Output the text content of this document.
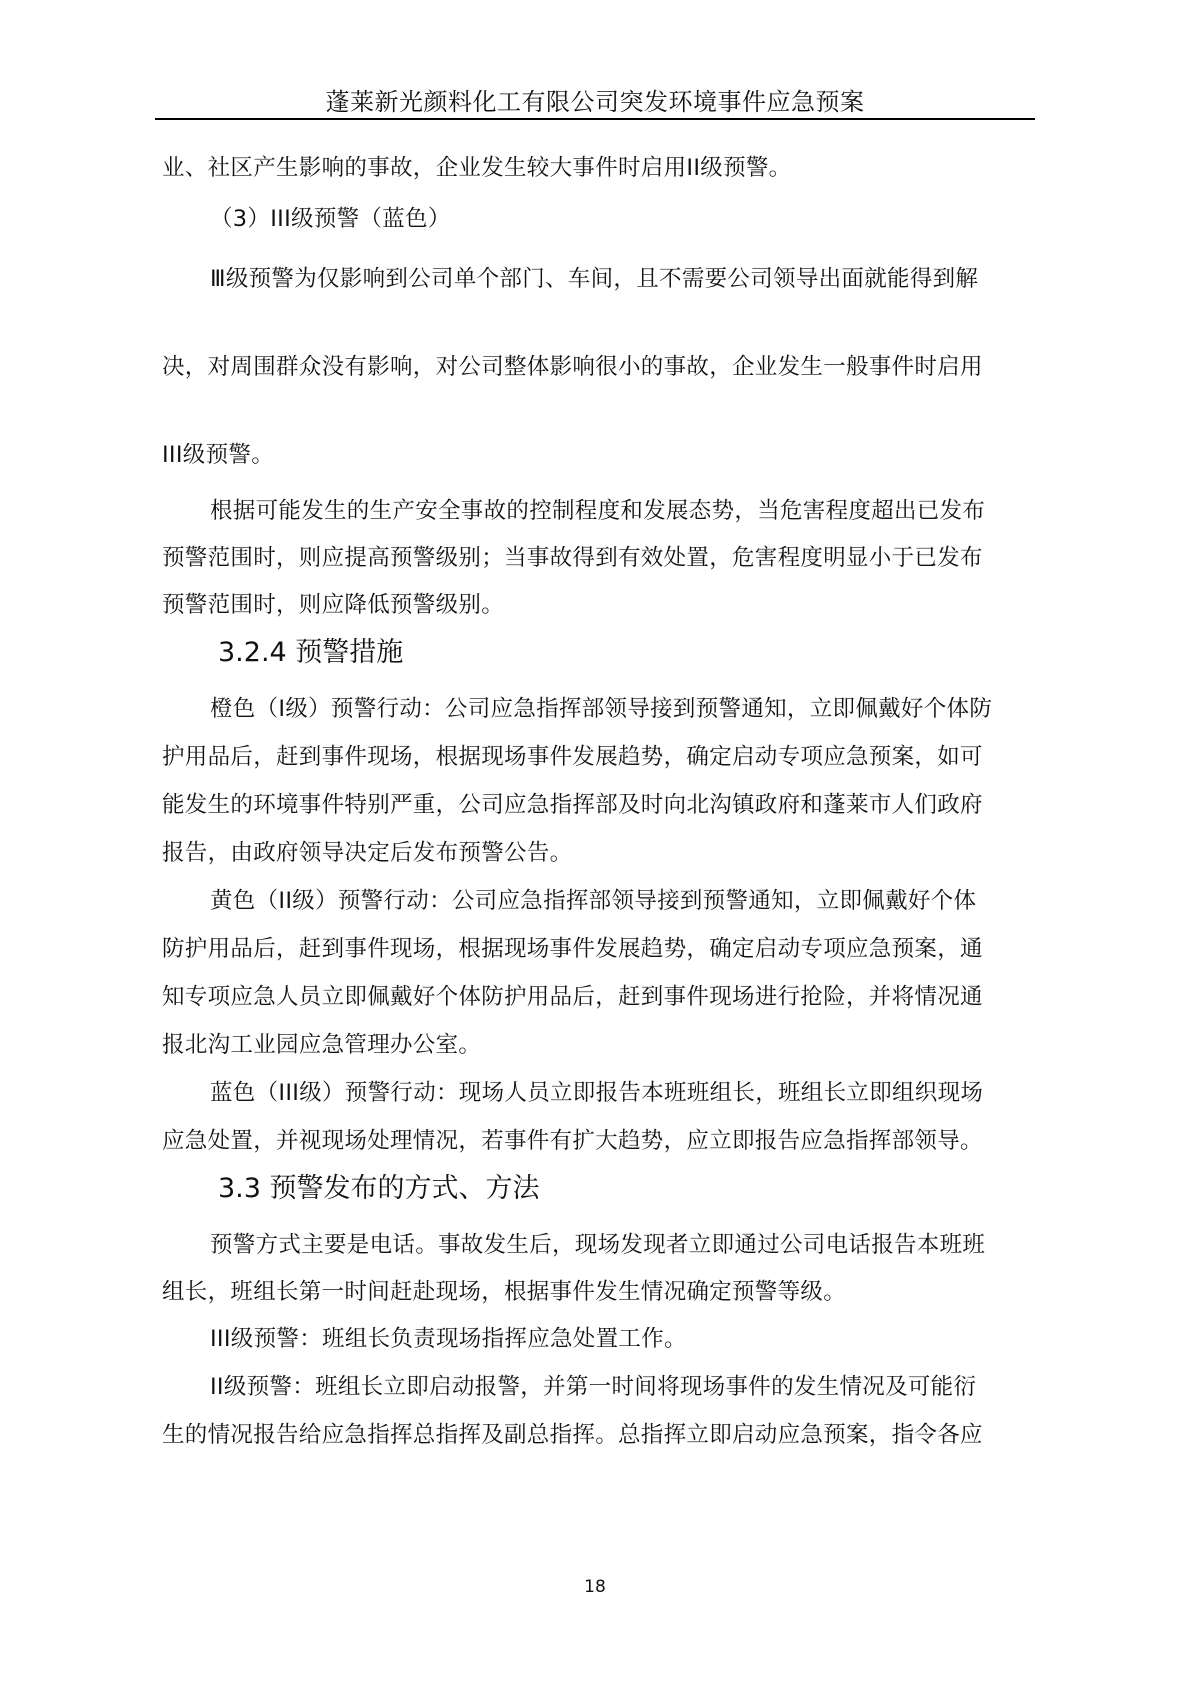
蓬莱新光颜料化工有限公司突发环境事件应急预案
业、社区产生影响的事故，企业发生较大事件时启用II级预警。
（3）III级预警（蓝色）
Ⅲ级预警为仅影响到公司单个部门、车间，且不需要公司领导出面就能得到解
决，对周围群众没有影响，对公司整体影响很小的事故，企业发生一般事件时启用
III级预警。
根据可能发生的生产安全事故的控制程度和发展态势，当危害程度超出已发布
预警范围时，则应提高预警级别；当事故得到有效处置，危害程度明显小于已发布
预警范围时，则应降低预警级别。
3.2.4 预警措施
橙色（I级）预警行动：公司应急指挥部领导接到预警通知，立即佩戴好个体防
护用品后，赶到事件现场，根据现场事件发展趋势，确定启动专项应急预案，如可
能发生的环境事件特别严重，公司应急指挥部及时向北沟镇政府和蓬莱市人们政府
报告，由政府领导决定后发布预警公告。
黄色（II级）预警行动：公司应急指挥部领导接到预警通知，立即佩戴好个体
防护用品后，赶到事件现场，根据现场事件发展趋势，确定启动专项应急预案，通
知专项应急人员立即佩戴好个体防护用品后，赶到事件现场进行抢险，并将情况通
报北沟工业园应急管理办公室。
蓝色（III级）预警行动：现场人员立即报告本班班组长，班组长立即组织现场
应急处置，并视现场处理情况，若事件有扩大趋势，应立即报告应急指挥部领导。
3.3 预警发布的方式、方法
预警方式主要是电话。事故发生后，现场发现者立即通过公司电话报告本班班
组长，班组长第一时间赶赴现场，根据事件发生情况确定预警等级。
III级预警：班组长负责现场指挥应急处置工作。
II级预警：班组长立即启动报警，并第一时间将现场事件的发生情况及可能衍
生的情况报告给应急指挥总指挥及副总指挥。总指挥立即启动应急预案，指令各应
18
